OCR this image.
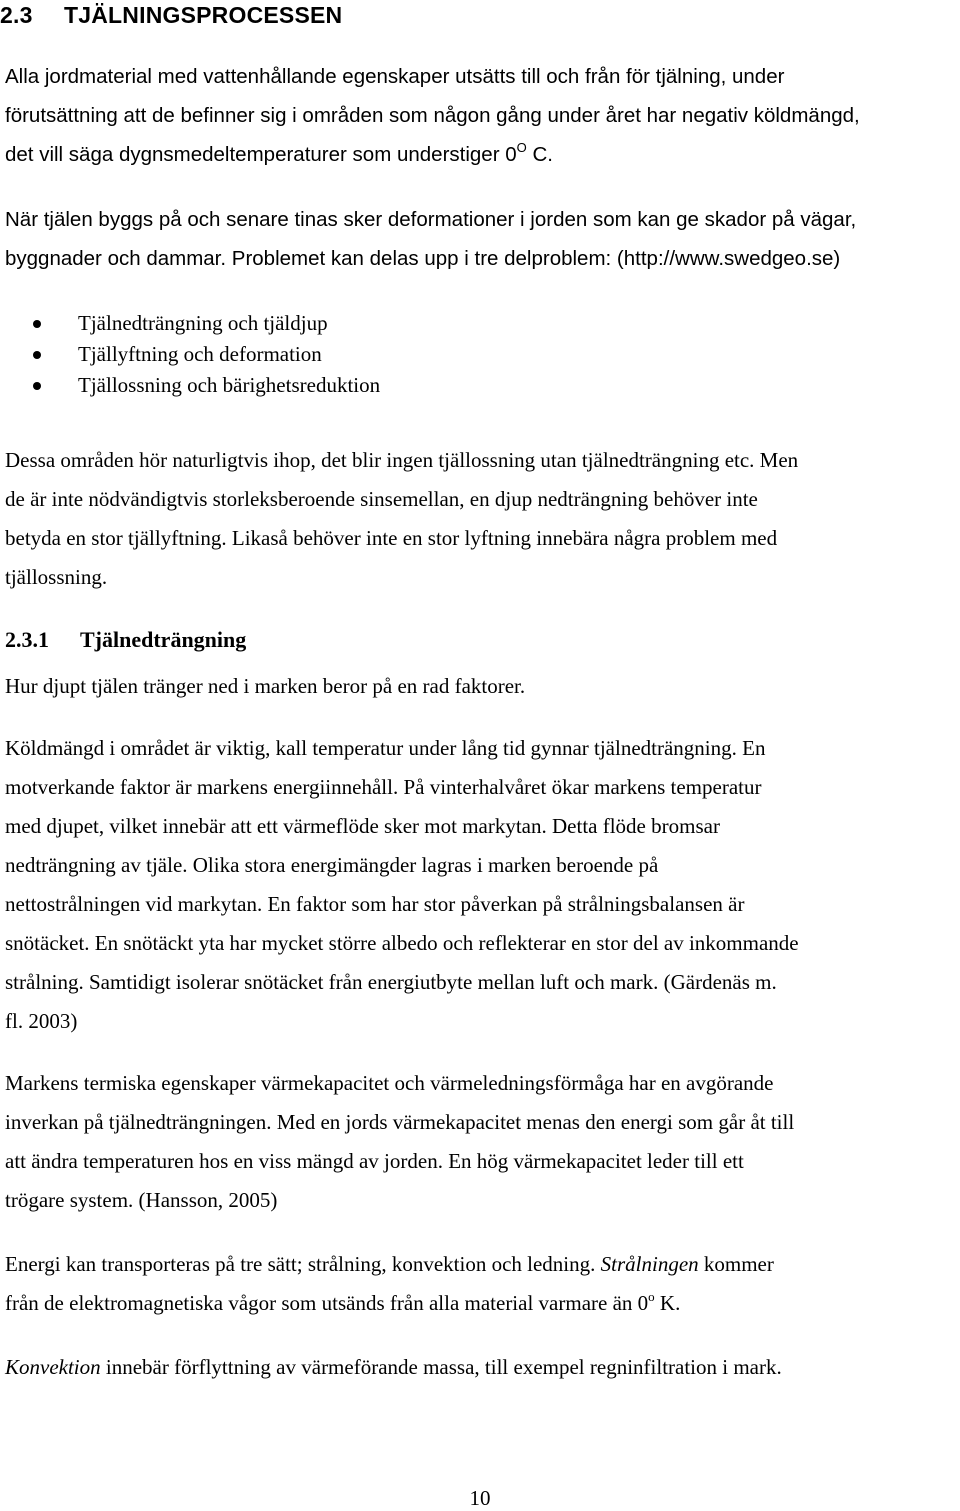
2.3 TJÄLNINGSPROCESSEN

Alla jordmaterial med vattenhållande egenskaper utsätts till och från för tjälning, under
förutsättning att de befinner sig i områden som någon gång under året har negativ köldmängd,
det vill säga dygnsmedeltemperaturer som understiger $0^O$ C.

När tjälen byggs på och senare tinas sker deformationer i jorden som kan ge skador på vägar,
byggnader och dammar. Problemet kan delas upp i tre delproblem: (http://www.swedgeo.se)

Tjälnedträngning och tjäldjup
Tjällyftning och deformation
Tjällossning och bärighetsreduktion

Dessa områden hör naturligtvis ihop, det blir ingen tjällossning utan tjälnedträngning etc. Men
de är inte nödvändigtvis storleksberoende sinsemellan, en djup nedträngning behöver inte
betyda en stor tjällyftning. Likaså behöver inte en stor lyftning innebära några problem med
tjällossning.

2.3.1 Tjälnedträngning

Hur djupt tjälen tränger ned i marken beror på en rad faktorer.

Köldmängd i området är viktig, kall temperatur under lång tid gynnar tjälnedträngning. En
motverkande faktor är markens energiinnehåll. På vinterhalvåret ökar markens temperatur
med djupet, vilket innebär att ett värmeflöde sker mot markytan. Detta flöde bromsar
nedträngning av tjäle. Olika stora energimängder lagras i marken beroende på
nettostrålningen vid markytan. En faktor som har stor påverkan på strålningsbalansen är
snötäcket. En snötäckt yta har mycket större albedo och reflekterar en stor del av inkommande
strålning. Samtidigt isolerar snötäcket från energiutbyte mellan luft och mark. (Gärdenäs m.
fl. 2003)

Markens termiska egenskaper värmekapacitet och värmeledningsförmåga har en avgörande
inverkan på tjälnedträngningen. Med en jords värmekapacitet menas den energi som går åt till
att ändra temperaturen hos en viss mängd av jorden. En hög värmekapacitet leder till ett
trögare system. (Hansson, 2005)

Energi kan transporteras på tre sätt; strålning, konvektion och ledning. Strålningen kommer
från de elektromagnetiska vågor som utsänds från alla material varmare än 0$^o$ K.

Konvektion innebär förflyttning av värmeförande massa, till exempel regninfiltration i mark.

10
